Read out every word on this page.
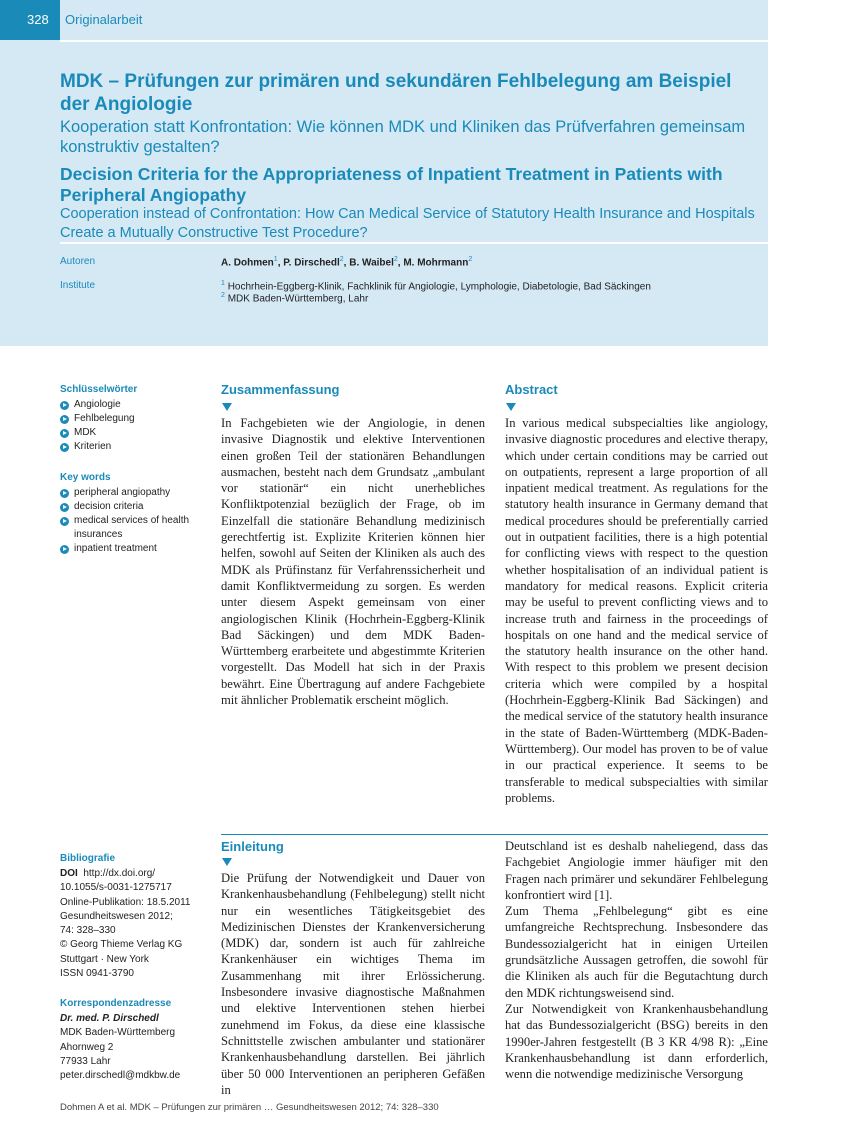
328	Originalarbeit
MDK – Prüfungen zur primären und sekundären Fehlbelegung am Beispiel der Angiologie
Kooperation statt Konfrontation: Wie können MDK und Kliniken das Prüfverfahren gemeinsam konstruktiv gestalten?
Decision Criteria for the Appropriateness of Inpatient Treatment in Patients with Peripheral Angiopathy
Cooperation instead of Confrontation: How Can Medical Service of Statutory Health Insurance and Hospitals Create a Mutually Constructive Test Procedure?
Autoren	A. Dohmen$^1$, P. Dirschedl$^2$, B. Waibel$^2$, M. Mohrmann$^2$
Institute	$^1$ Hochrhein-Eggberg-Klinik, Fachklinik für Angiologie, Lymphologie, Diabetologie, Bad Säckingen
$^2$ MDK Baden-Württemberg, Lahr
Schlüsselwörter
Angiologie
Fehlbelegung
MDK
Kriterien
Key words
peripheral angiopathy
decision criteria
medical services of health insurances
inpatient treatment
Bibliografie
DOI http://dx.doi.org/
10.1055/s-0031-1275717
Online-Publikation: 18.5.2011
Gesundheitswesen 2012;
74: 328–330
© Georg Thieme Verlag KG
Stuttgart · New York
ISSN 0941-3790
Korrespondenzadresse
Dr. med. P. Dirschedl
MDK Baden-Württemberg
Ahornweg 2
77933 Lahr
peter.dirschedl@mdkbw.de
Zusammenfassung

In Fachgebieten wie der Angiologie, in denen invasive Diagnostik und elektive Interventionen einen großen Teil der stationären Behandlungen ausmachen, besteht nach dem Grundsatz „ambulant vor stationär“ ein nicht unerhebliches Konfliktpotenzial bezüglich der Frage, ob im Einzelfall die stationäre Behandlung medizinisch gerechtfertig ist. Explizite Kriterien können hier helfen, sowohl auf Seiten der Kliniken als auch des MDK als Prüfinstanz für Verfahrenssicherheit und damit Konfliktvermeidung zu sorgen. Es werden unter diesem Aspekt gemeinsam von einer angiologischen Klinik (Hochrhein-Eggberg-Klinik Bad Säckingen) und dem MDK Baden-Württemberg erarbeitete und abgestimmte Kriterien vorgestellt. Das Modell hat sich in der Praxis bewährt. Eine Übertragung auf andere Fachgebiete mit ähnlicher Problematik erscheint möglich.

Abstract

In various medical subspecialties like angiology, invasive diagnostic procedures and elective therapy, which under certain conditions may be carried out on outpatients, represent a large proportion of all inpatient medical treatment. As regulations for the statutory health insurance in Germany demand that medical procedures should be preferentially carried out in outpatient facilities, there is a high potential for conflicting views with respect to the question whether hospitalisation of an individual patient is mandatory for medical reasons. Explicit criteria may be useful to prevent conflicting views and to increase truth and fairness in the proceedings of hospitals on one hand and the medical service of the statutory health insurance on the other hand. With respect to this problem we present decision criteria which were compiled by a hospital (Hochrhein-Eggberg-Klinik Bad Säckingen) and the medical service of the statutory health insurance in the state of Baden-Württemberg (MDK-Baden-Württemberg). Our model has proven to be of value in our practical experience. It seems to be transferable to medical subspecialties with similar problems.

Einleitung

Die Prüfung der Notwendigkeit und Dauer von Krankenhausbehandlung (Fehlbelegung) stellt nicht nur ein wesentliches Tätigkeitsgebiet des Medizinischen Dienstes der Krankenversicherung (MDK) dar, sondern ist auch für zahlreiche Krankenhäuser ein wichtiges Thema im Zusammenhang mit ihrer Erlössicherung. Insbesondere invasive diagnostische Maßnahmen und elektive Interventionen stehen hierbei zunehmend im Fokus, da diese eine klassische Schnittstelle zwischen ambulanter und stationärer Krankenhausbehandlung darstellen. Bei jährlich über 50 000 Interventionen an peripheren Gefäßen in

Deutschland ist es deshalb naheliegend, dass das Fachgebiet Angiologie immer häufiger mit den Fragen nach primärer und sekundärer Fehlbelegung konfrontiert wird [1].

Zum Thema „Fehlbelegung“ gibt es eine umfangreiche Rechtsprechung. Insbesondere das Bundessozialgericht hat in einigen Urteilen grundsätzliche Aussagen getroffen, die sowohl für die Kliniken als auch für die Begutachtung durch den MDK richtungsweisend sind.

Zur Notwendigkeit von Krankenhausbehandlung hat das Bundessozialgericht (BSG) bereits in den 1990er-Jahren festgestellt (B 3 KR 4/98 R): „Eine Krankenhausbehandlung ist dann erforderlich, wenn die notwendige medizinische Versorgung

Dohmen A et al. MDK – Prüfungen zur primären … Gesundheitswesen 2012; 74: 328–330
